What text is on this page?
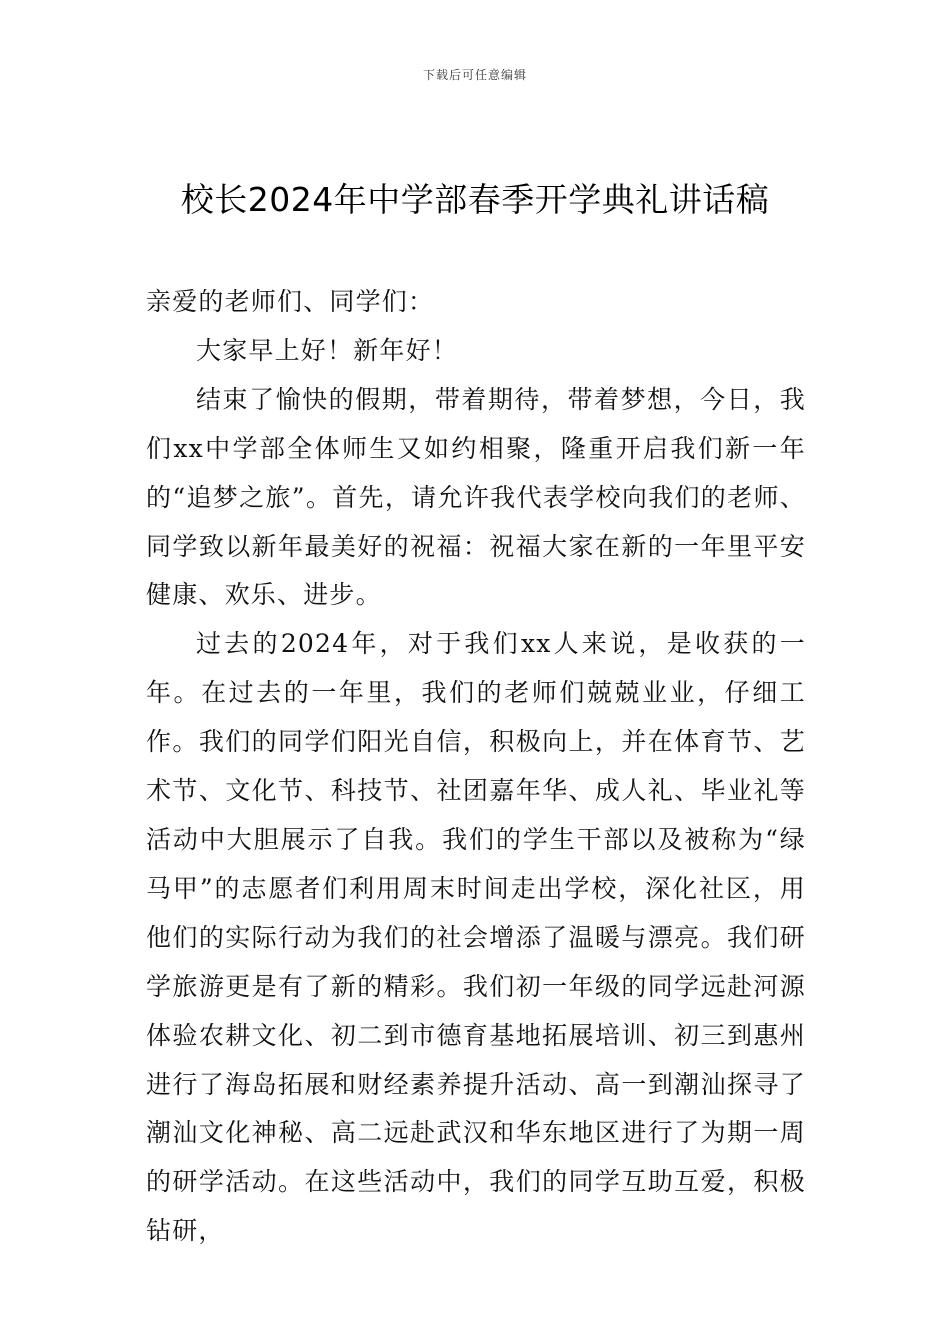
下载后可任意编辑
校长2024年中学部春季开学典礼讲话稿

亲爱的老师们、同学们：

大家早上好！新年好！

结束了愉快的假期，带着期待，带着梦想，今日，我们xx中学部全体师生又如约相聚，隆重开启我们新一年的“追梦之旅”。首先，请允许我代表学校向我们的老师、同学致以新年最美好的祝福：祝福大家在新的一年里平安健康、欢乐、进步。

过去的2024年，对于我们xx人来说，是收获的一年。在过去的一年里，我们的老师们兢兢业业，仔细工作。我们的同学们阳光自信，积极向上，并在体育节、艺术节、文化节、科技节、社团嘉年华、成人礼、毕业礼等活动中大胆展示了自我。我们的学生干部以及被称为“绿马甲”的志愿者们利用周末时间走出学校，深化社区，用他们的实际行动为我们的社会增添了温暖与漂亮。我们研学旅游更是有了新的精彩。我们初一年级的同学远赴河源体验农耕文化、初二到市德育基地拓展培训、初三到惠州进行了海岛拓展和财经素养提升活动、高一到潮汕探寻了潮汕文化神秘、高二远赴武汉和华东地区进行了为期一周的研学活动。在这些活动中，我们的同学互助互爱，积极钻研，
